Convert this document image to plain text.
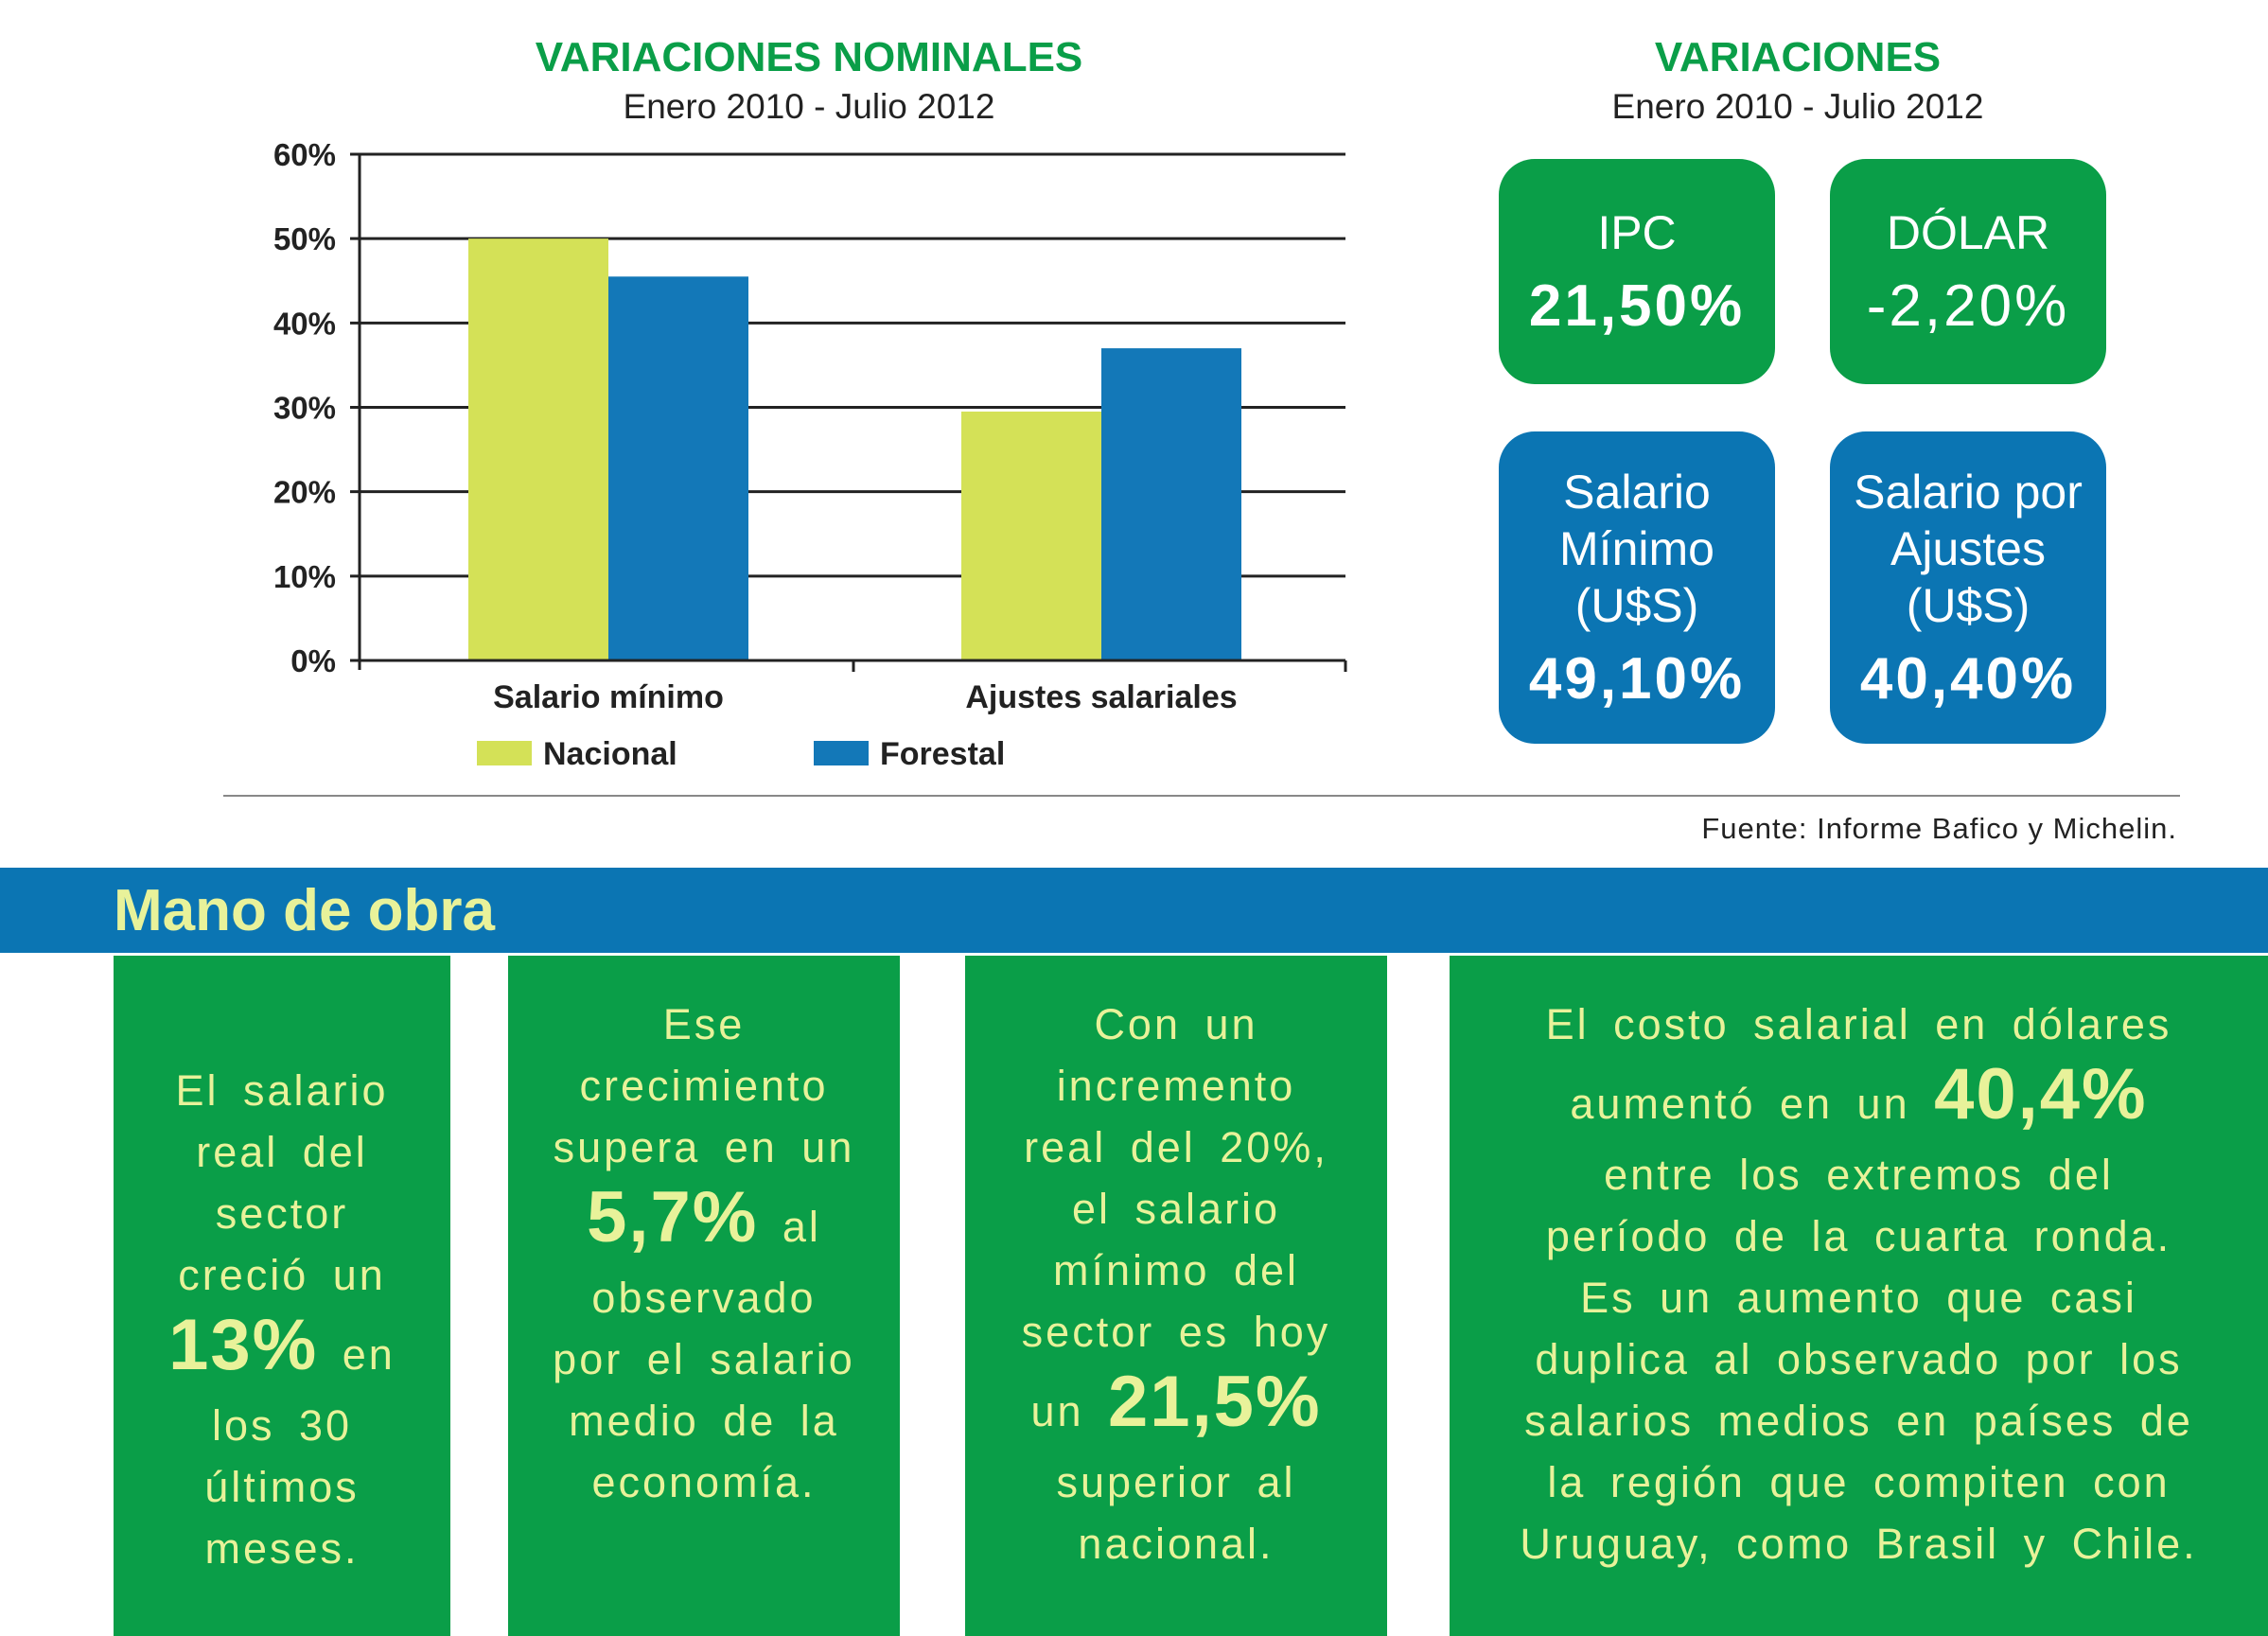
VARIACIONES NOMINALES
Enero 2010 - Julio 2012
0%
10%
20%
30%
40%
50%
60%
Salario mínimo	Ajustes salariales
Nacional	Forestal
VARIACIONES
Enero 2010 - Julio 2012
IPC
21,50%
DÓLAR
-2,20%
Salario
Mínimo
(U$S)
49,10%
Salario por
Ajustes
(U$S)
40,40%
Fuente: Informe Bafico y Michelin.
Mano de obra
El salario
real del
sector
creció un
13% en
los 30
últimos
meses.
Ese
crecimiento
supera en un
5,7% al
observado
por el salario
medio de la
economía.
Con un
incremento
real del 20%,
el salario
mínimo del
sector es hoy
un 21,5%
superior al
nacional.
El costo salarial en dólares
aumentó en un 40,4%
entre los extremos del
período de la cuarta ronda.
Es un aumento que casi
duplica al observado por los
salarios medios en países de
la región que compiten con
Uruguay, como Brasil y Chile.
